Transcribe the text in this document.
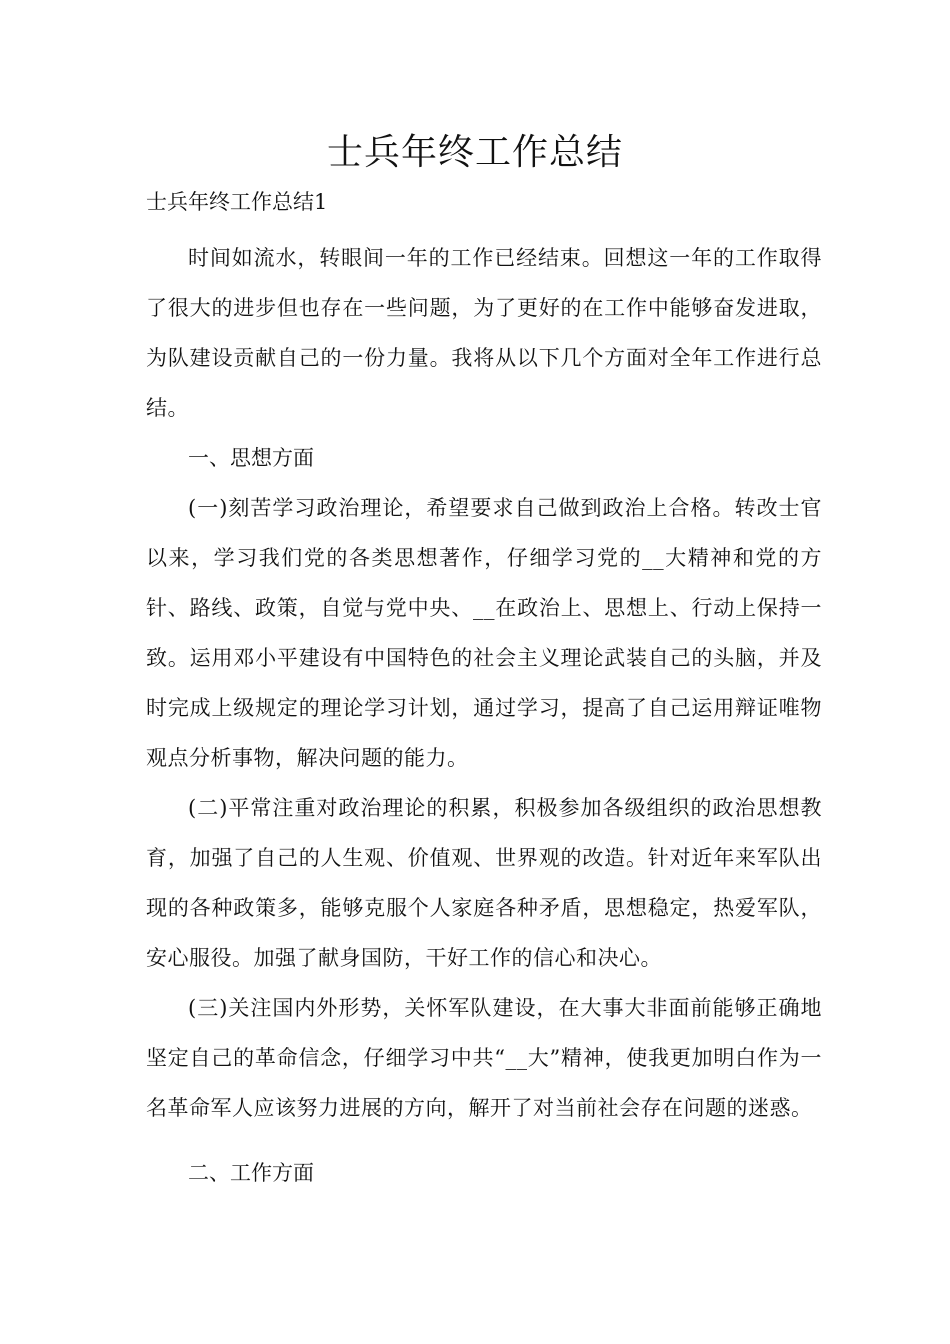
士兵年终工作总结

士兵年终工作总结1

时间如流水，转眼间一年的工作已经结束。回想这一年的工作取得了很大的进步但也存在一些问题，为了更好的在工作中能够奋发进取，为队建设贡献自己的一份力量。我将从以下几个方面对全年工作进行总结。

一、思想方面

(一)刻苦学习政治理论，希望要求自己做到政治上合格。转改士官以来，学习我们党的各类思想著作，仔细学习党的__大精神和党的方针、路线、政策，自觉与党中央、__在政治上、思想上、行动上保持一致。运用邓小平建设有中国特色的社会主义理论武装自己的头脑，并及时完成上级规定的理论学习计划，通过学习，提高了自己运用辩证唯物观点分析事物，解决问题的能力。

(二)平常注重对政治理论的积累，积极参加各级组织的政治思想教育，加强了自己的人生观、价值观、世界观的改造。针对近年来军队出现的各种政策多，能够克服个人家庭各种矛盾，思想稳定，热爱军队，安心服役。加强了献身国防，干好工作的信心和决心。

(三)关注国内外形势，关怀军队建设，在大事大非面前能够正确地坚定自己的革命信念，仔细学习中共“__大”精神，使我更加明白作为一名革命军人应该努力进展的方向，解开了对当前社会存在问题的迷惑。

二、工作方面
